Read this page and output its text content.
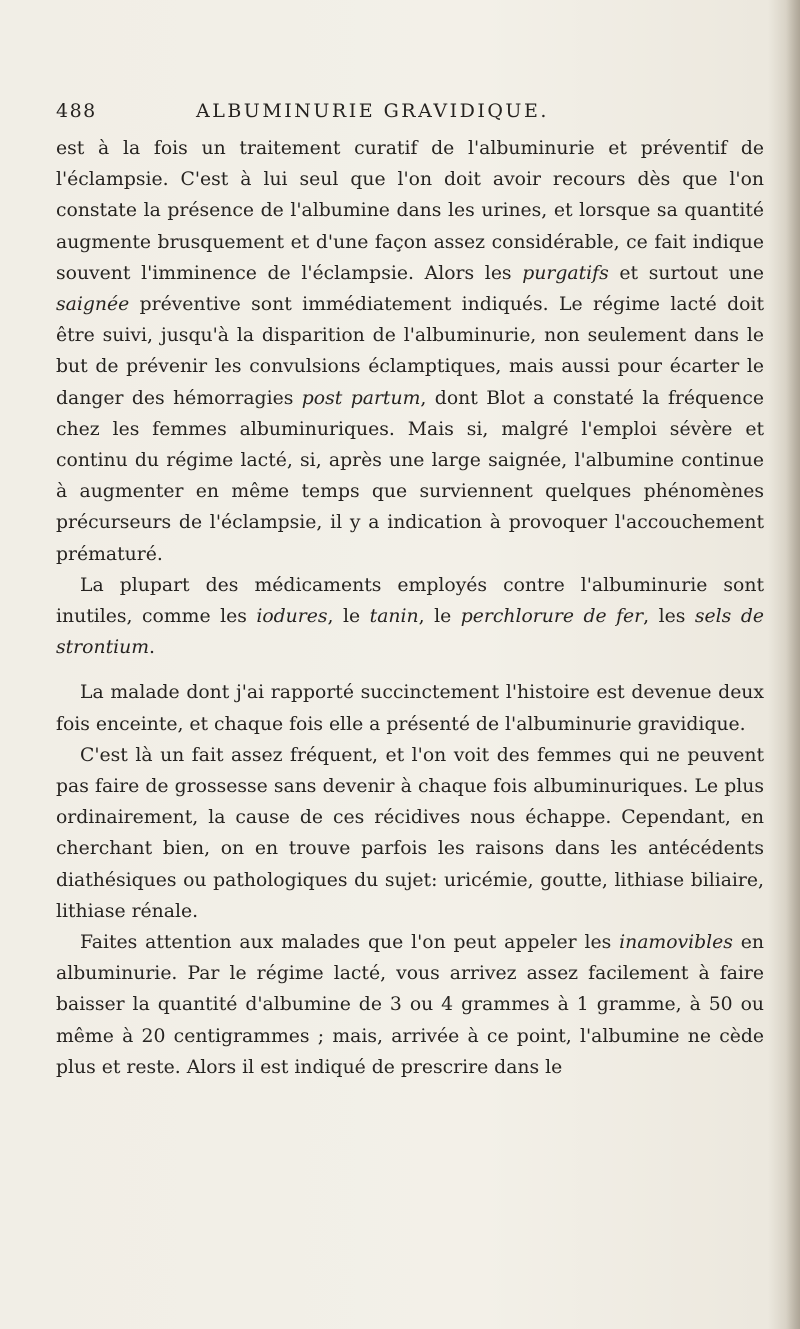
488	ALBUMINURIE GRAVIDIQUE.

est à la fois un traitement curatif de l'albuminurie et préventif de l'éclampsie. C'est à lui seul que l'on doit avoir recours dès que l'on constate la présence de l'albumine dans les urines, et lorsque sa quantité augmente brusquement et d'une façon assez considérable, ce fait indique souvent l'imminence de l'éclampsie. Alors les purgatifs et surtout une saignée préventive sont immédiatement indiqués. Le régime lacté doit être suivi, jusqu'à la disparition de l'albuminurie, non seulement dans le but de prévenir les convulsions éclamptiques, mais aussi pour écarter le danger des hémorragies post partum, dont Blot a constaté la fréquence chez les femmes albuminuriques. Mais si, malgré l'emploi sévère et continu du régime lacté, si, après une large saignée, l'albumine continue à augmenter en même temps que surviennent quelques phénomènes précurseurs de l'éclampsie, il y a indication à provoquer l'accouchement prématuré.

La plupart des médicaments employés contre l'albuminurie sont inutiles, comme les iodures, le tanin, le perchlorure de fer, les sels de strontium.

La malade dont j'ai rapporté succinctement l'histoire est devenue deux fois enceinte, et chaque fois elle a présenté de l'albuminurie gravidique.

C'est là un fait assez fréquent, et l'on voit des femmes qui ne peuvent pas faire de grossesse sans devenir à chaque fois albuminuriques. Le plus ordinairement, la cause de ces récidives nous échappe. Cependant, en cherchant bien, on en trouve parfois les raisons dans les antécédents diathésiques ou pathologiques du sujet: uricémie, goutte, lithiase biliaire, lithiase rénale.

Faites attention aux malades que l'on peut appeler les inamovibles en albuminurie. Par le régime lacté, vous arrivez assez facilement à faire baisser la quantité d'albumine de 3 ou 4 grammes à 1 gramme, à 50 ou même à 20 centigrammes ; mais, arrivée à ce point, l'albumine ne cède plus et reste. Alors il est indiqué de prescrire dans le
